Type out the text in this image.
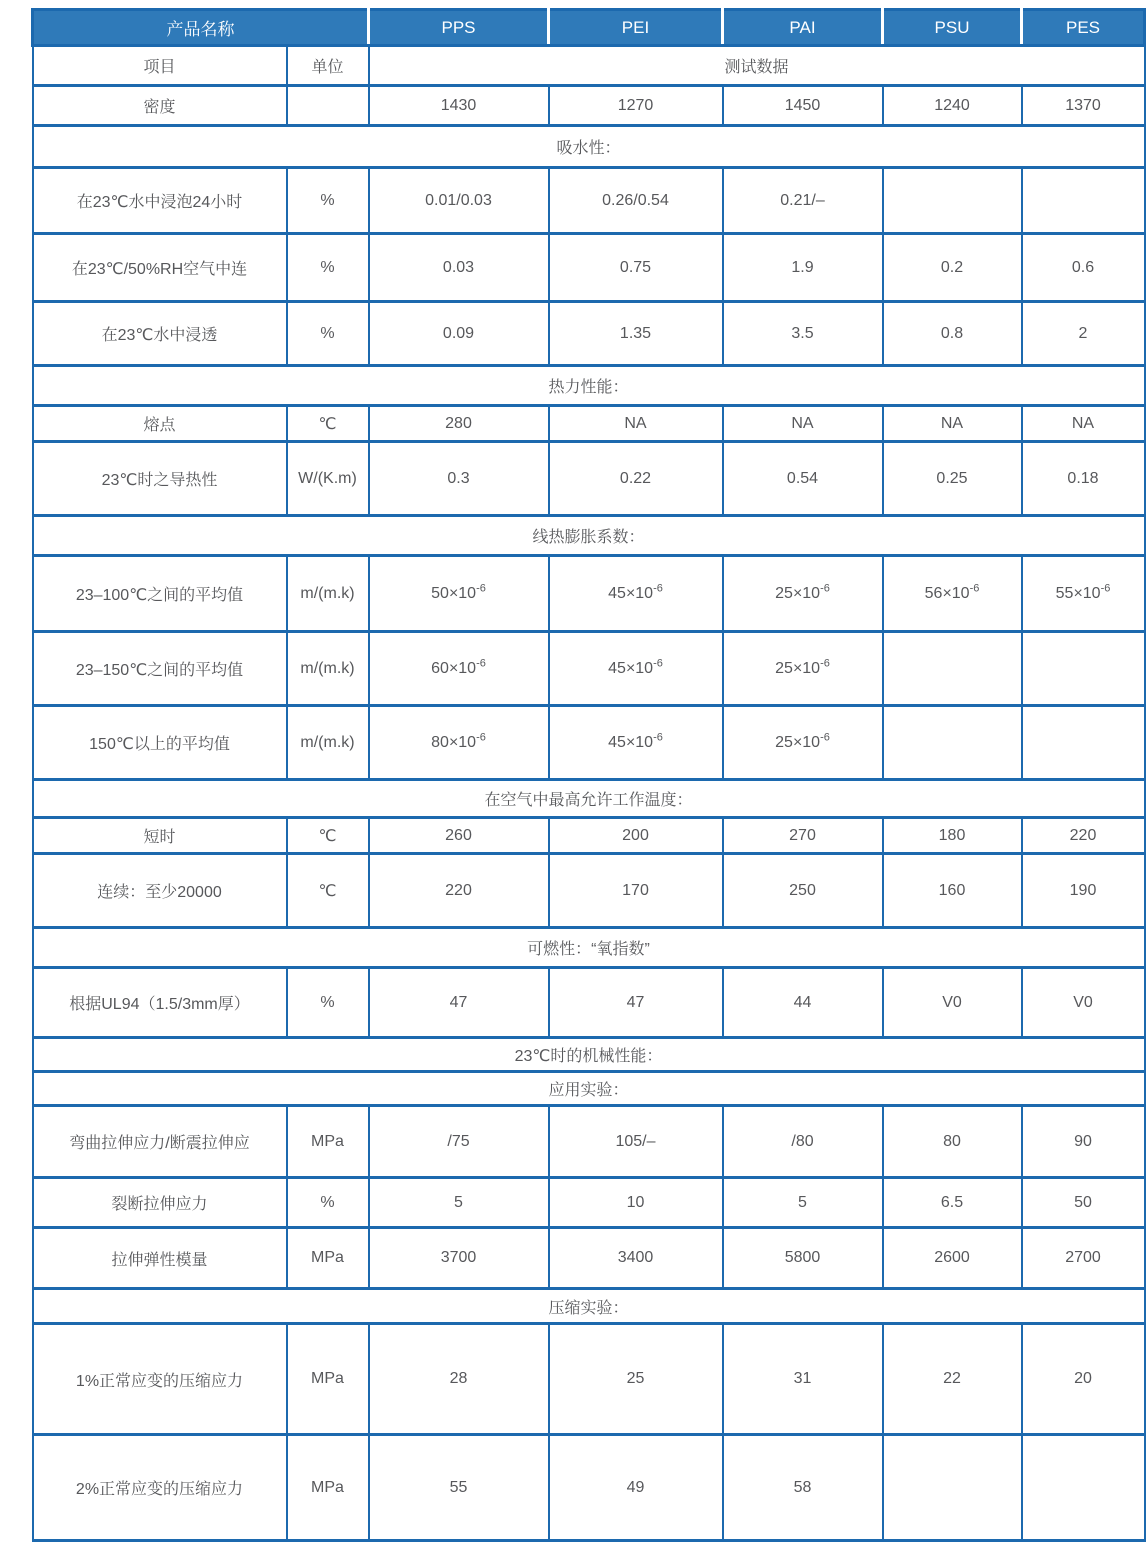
产品名称		PPS	PEI	PAI	PSU	PES
项目	单位	测试数据				
密度		1430	1270	1450	1240	1370
吸水性：						
在23℃水中浸泡24小时	%	0.01/0.03	0.26/0.54	0.21/–		
在23℃/50%RH空气中连	%	0.03	0.75	1.9	0.2	0.6
在23℃水中浸透	%	0.09	1.35	3.5	0.8	2
热力性能：						
熔点	℃	280	NA	NA	NA	NA
23℃时之导热性	W/(K.m)	0.3	0.22	0.54	0.25	0.18
线热膨胀系数：						
23–100℃之间的平均值	m/(m.k)	$50\times 10^{-6}$	$45\times 10^{-6}$	$25\times 10^{-6}$	$56\times 10^{-6}$	$55\times 10^{-6}$
23–150℃之间的平均值	m/(m.k)	$60\times 10^{-6}$	$45\times 10^{-6}$	$25\times 10^{-6}$		
150℃以上的平均值	m/(m.k)	$80\times 10^{-6}$	$45\times 10^{-6}$	$25\times 10^{-6}$		
在空气中最高允许工作温度：						
短时	℃	260	200	270	180	220
连续：至少20000	℃	220	170	250	160	190
可燃性：“氧指数”						
根据UL94（1.5/3mm厚）	%	47	47	44	V0	V0
23℃时的机械性能：						
应用实验：						
弯曲拉伸应力/断震拉伸应	MPa	/75	105/–	/80	80	90
裂断拉伸应力	%	5	10	5	6.5	50
拉伸弹性模量	MPa	3700	3400	5800	2600	2700
压缩实验：						
1%正常应变的压缩应力	MPa	28	25	31	22	20
2%正常应变的压缩应力	MPa	55	49	58		
